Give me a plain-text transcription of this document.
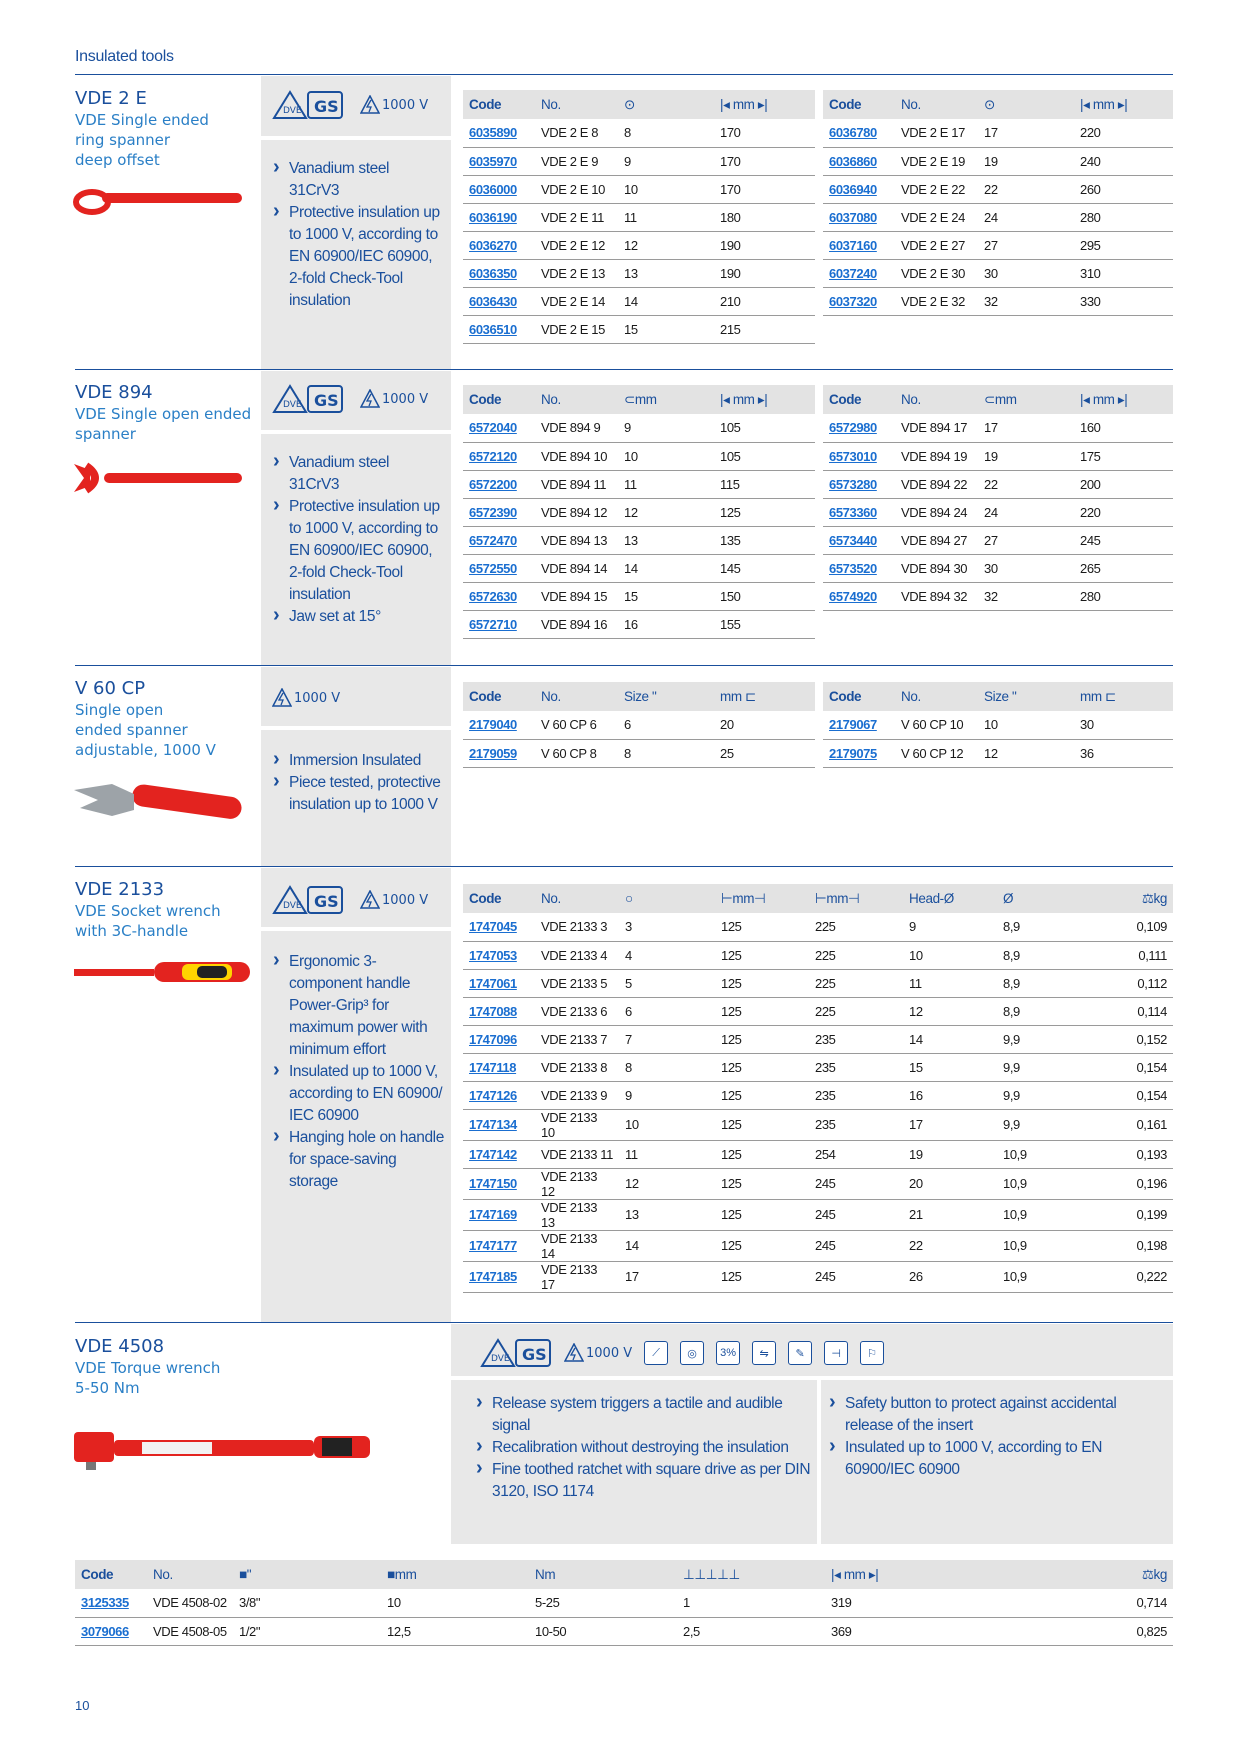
Insulated tools
VDE 2 E
VDE Single ended
ring spanner
deep offset
DVE GS	1000 V
› Vanadium steel 31CrV3
› Protective insulation up to 1000 V, according to EN 60900/IEC 60900, 2-fold Check-Tool insulation
Code	No.	⊙	|◂ mm ▸|
6035890	VDE 2 E 8	8	170
6035970	VDE 2 E 9	9	170
6036000	VDE 2 E 10	10	170
6036190	VDE 2 E 11	11	180
6036270	VDE 2 E 12	12	190
6036350	VDE 2 E 13	13	190
6036430	VDE 2 E 14	14	210
6036510	VDE 2 E 15	15	215
Code	No.	⊙	|◂ mm ▸|
6036780	VDE 2 E 17	17	220
6036860	VDE 2 E 19	19	240
6036940	VDE 2 E 22	22	260
6037080	VDE 2 E 24	24	280
6037160	VDE 2 E 27	27	295
6037240	VDE 2 E 30	30	310
6037320	VDE 2 E 32	32	330
VDE 894
VDE Single open ended
spanner
DVE GS	1000 V
› Vanadium steel 31CrV3
› Protective insulation up to 1000 V, according to EN 60900/IEC 60900, 2-fold Check-Tool insulation
› Jaw set at 15°
Code	No.	⊂mm	|◂ mm ▸|
6572040	VDE 894 9	9	105
6572120	VDE 894 10	10	105
6572200	VDE 894 11	11	115
6572390	VDE 894 12	12	125
6572470	VDE 894 13	13	135
6572550	VDE 894 14	14	145
6572630	VDE 894 15	15	150
6572710	VDE 894 16	16	155
Code	No.	⊂mm	|◂ mm ▸|
6572980	VDE 894 17	17	160
6573010	VDE 894 19	19	175
6573280	VDE 894 22	22	200
6573360	VDE 894 24	24	220
6573440	VDE 894 27	27	245
6573520	VDE 894 30	30	265
6574920	VDE 894 32	32	280
V 60 CP
Single open
ended spanner
adjustable, 1000 V
1000 V
› Immersion Insulated
› Piece tested, protective insulation up to 1000 V
Code	No.	Size "	mm ⊏
2179040	V 60 CP 6	6	20
2179059	V 60 CP 8	8	25
Code	No.	Size "	mm ⊏
2179067	V 60 CP 10	10	30
2179075	V 60 CP 12	12	36
VDE 2133
VDE Socket wrench
with 3C-handle
DVE GS	1000 V
› Ergonomic 3-component handle Power-Grip³ for maximum power with minimum effort
› Insulated up to 1000 V, according to EN 60900/ IEC 60900
› Hanging hole on handle for space-saving storage
Code	No.	○	⊢mm⊣	⊢mm⊣	Head-Ø	Ø	⚖kg
1747045	VDE 2133 3	3	125	225	9	8,9	0,109
1747053	VDE 2133 4	4	125	225	10	8,9	0,111
1747061	VDE 2133 5	5	125	225	11	8,9	0,112
1747088	VDE 2133 6	6	125	225	12	8,9	0,114
1747096	VDE 2133 7	7	125	235	14	9,9	0,152
1747118	VDE 2133 8	8	125	235	15	9,9	0,154
1747126	VDE 2133 9	9	125	235	16	9,9	0,154
1747134	VDE 2133 10	10	125	235	17	9,9	0,161
1747142	VDE 2133 11	11	125	254	19	10,9	0,193
1747150	VDE 2133 12	12	125	245	20	10,9	0,196
1747169	VDE 2133 13	13	125	245	21	10,9	0,199
1747177	VDE 2133 14	14	125	245	22	10,9	0,198
1747185	VDE 2133 17	17	125	245	26	10,9	0,222
VDE 4508
VDE Torque wrench
5-50 Nm
DVE GS	1000 V	⟋	◎	3%	⇋	✎	⊣	⚐
› Release system triggers a tactile and audible signal
› Recalibration without destroying the insulation
› Fine toothed ratchet with square drive as per DIN 3120, ISO 1174
› Safety button to protect against accidental release of the insert
› Insulated up to 1000 V, according to EN 60900/IEC 60900
Code	No.	■"	■mm	Nm	⊥⊥⊥⊥⊥	|◂ mm ▸|	⚖kg
3125335	VDE 4508-02	3/8"	10	5-25	1	319	0,714
3079066	VDE 4508-05	1/2"	12,5	10-50	2,5	369	0,825
10
